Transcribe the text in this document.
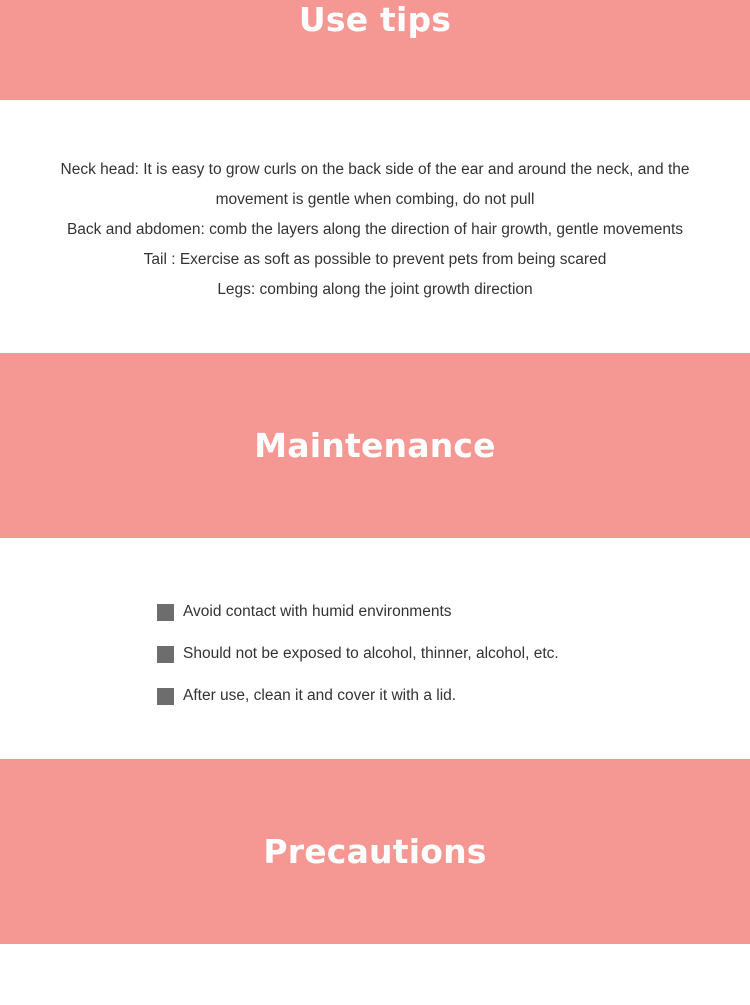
Use tips

Neck head: It is easy to grow curls on the back side of the ear and around the neck, and the movement is gentle when combing, do not pull

Back and abdomen: comb the layers along the direction of hair growth, gentle movements

Tail : Exercise as soft as possible to prevent pets from being scared

Legs: combing along the joint growth direction

Maintenance
Avoid contact with humid environments
Should not be exposed to alcohol, thinner, alcohol, etc.
After use, clean it and cover it with a lid.
Precautions
